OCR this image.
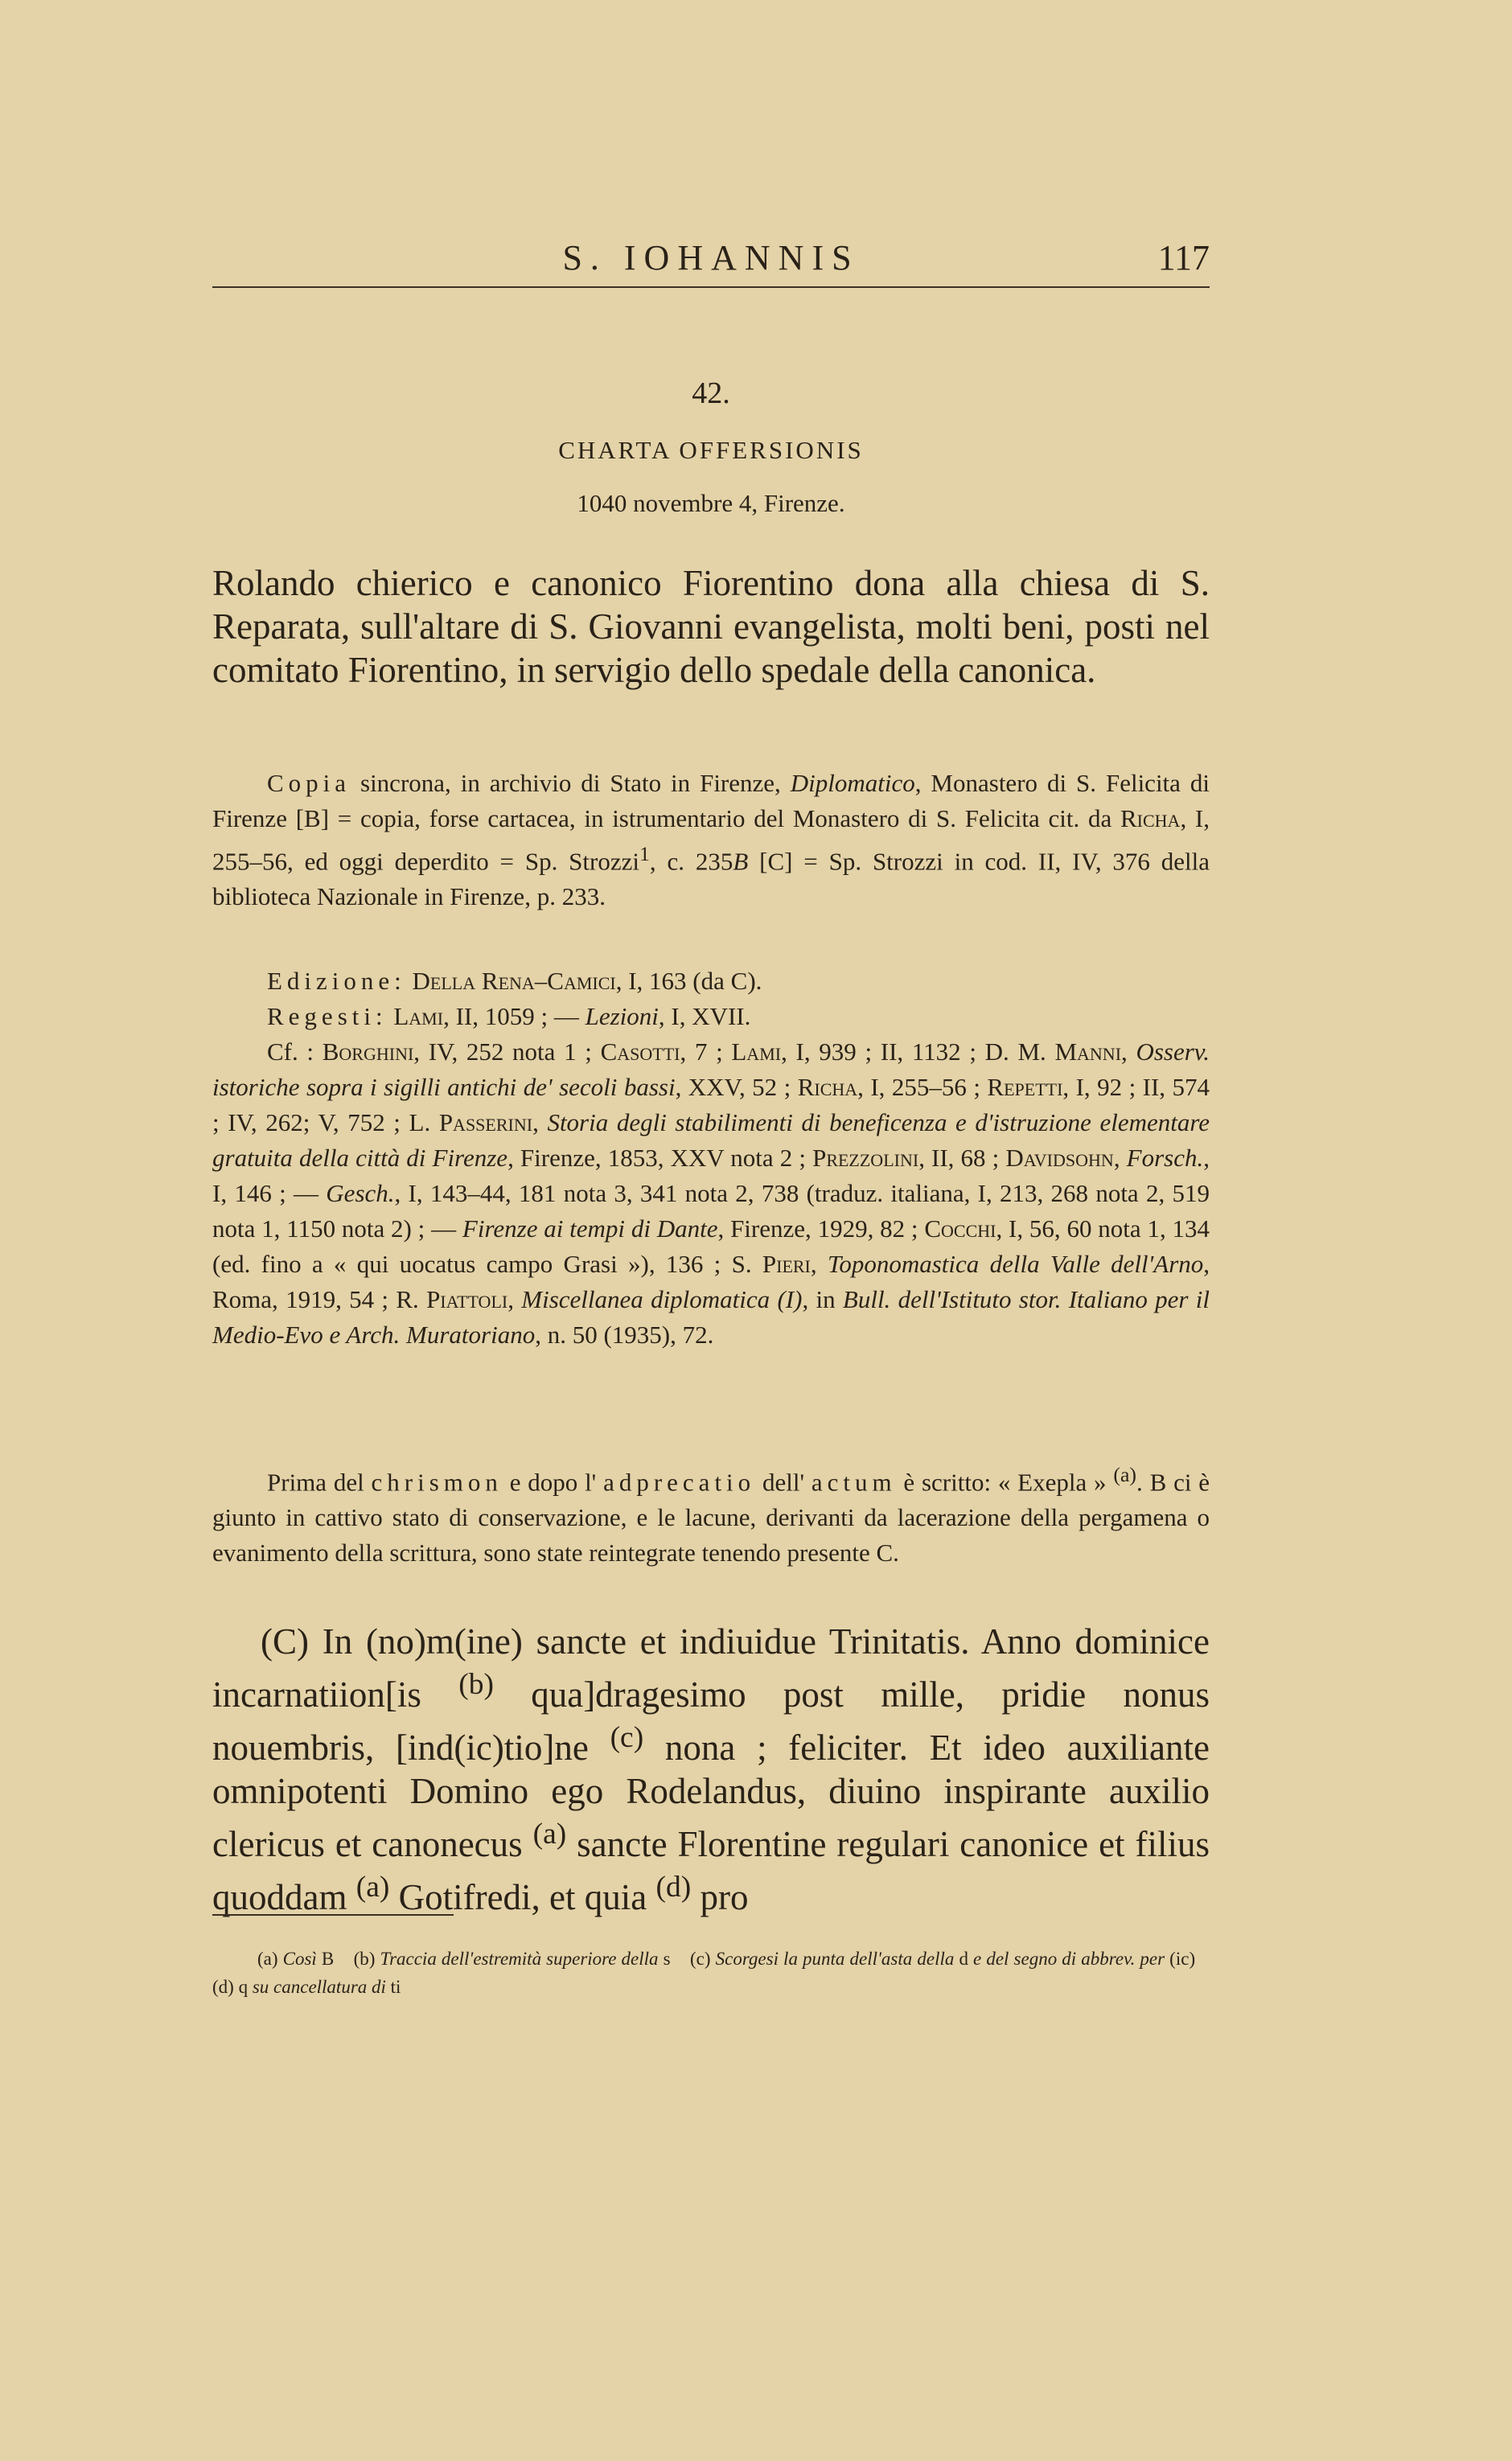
S. IOHANNIS	117

42.

CHARTA OFFERSIONIS

1040 novembre 4, Firenze.

Rolando chierico e canonico Fiorentino dona alla chiesa di S. Reparata, sull'altare di S. Giovanni evangelista, molti beni, posti nel comitato Fiorentino, in servigio dello spedale della canonica.

Copia sincrona, in archivio di Stato in Firenze, Diplomatico, Monastero di S. Felicita di Firenze [B] = copia, forse cartacea, in istrumentario del Monastero di S. Felicita cit. da Richa, I, 255–56, ed oggi deperdito = Sp. Strozzi$^1$, c. 235B [C] = Sp. Strozzi in cod. II, IV, 376 della biblioteca Nazionale in Firenze, p. 233.

Edizione: Della Rena–Camici, I, 163 (da C).
Regesti: Lami, II, 1059 ; — Lezioni, I, XVII.
Cf. : Borghini, IV, 252 nota 1 ; Casotti, 7 ; Lami, I, 939 ; II, 1132 ; D. M. Manni, Osserv. istoriche sopra i sigilli antichi de' secoli bassi, XXV, 52 ; Richa, I, 255–56 ; Repetti, I, 92 ; II, 574 ; IV, 262; V, 752 ; L. Passerini, Storia degli stabilimenti di beneficenza e d'istruzione elementare gratuita della città di Firenze, Firenze, 1853, XXV nota 2 ; Prezzolini, II, 68 ; Davidsohn, Forsch., I, 146 ; — Gesch., I, 143–44, 181 nota 3, 341 nota 2, 738 (traduz. italiana, I, 213, 268 nota 2, 519 nota 1, 1150 nota 2) ; — Firenze ai tempi di Dante, Firenze, 1929, 82 ; Cocchi, I, 56, 60 nota 1, 134 (ed. fino a « qui uocatus campo Grasi »), 136 ; S. Pieri, Toponomastica della Valle dell'Arno, Roma, 1919, 54 ; R. Piattoli, Miscellanea diplomatica (I), in Bull. dell'Istituto stor. Italiano per il Medio-Evo e Arch. Muratoriano, n. 50 (1935), 72.

Prima del chrismon e dopo l' adprecatio dell' actum è scritto: « Exepla » $^{(a)}$. B ci è giunto in cattivo stato di conservazione, e le lacune, derivanti da lacerazione della pergamena o evanimento della scrittura, sono state reintegrate tenendo presente C.

(C) In (no)m(ine) sancte et indiuidue Trinitatis. Anno dominice incarnatiion[is $^{(b)}$ qua]dragesimo post mille, pridie nonus nouembris, [ind(ic)tio]ne $^{(c)}$ nona ; feliciter. Et ideo auxiliante omnipotenti Domino ego Rodelandus, diuino inspirante auxilio clericus et canonecus $^{(a)}$ sancte Florentine regulari canonice et filius quoddam $^{(a)}$ Gotifredi, et quia $^{(d)}$ pro

(a) Così B (b) Traccia dell'estremità superiore della s (c) Scorgesi la punta dell'asta della d e del segno di abbrev. per (ic)    (d) q su cancellatura di ti
